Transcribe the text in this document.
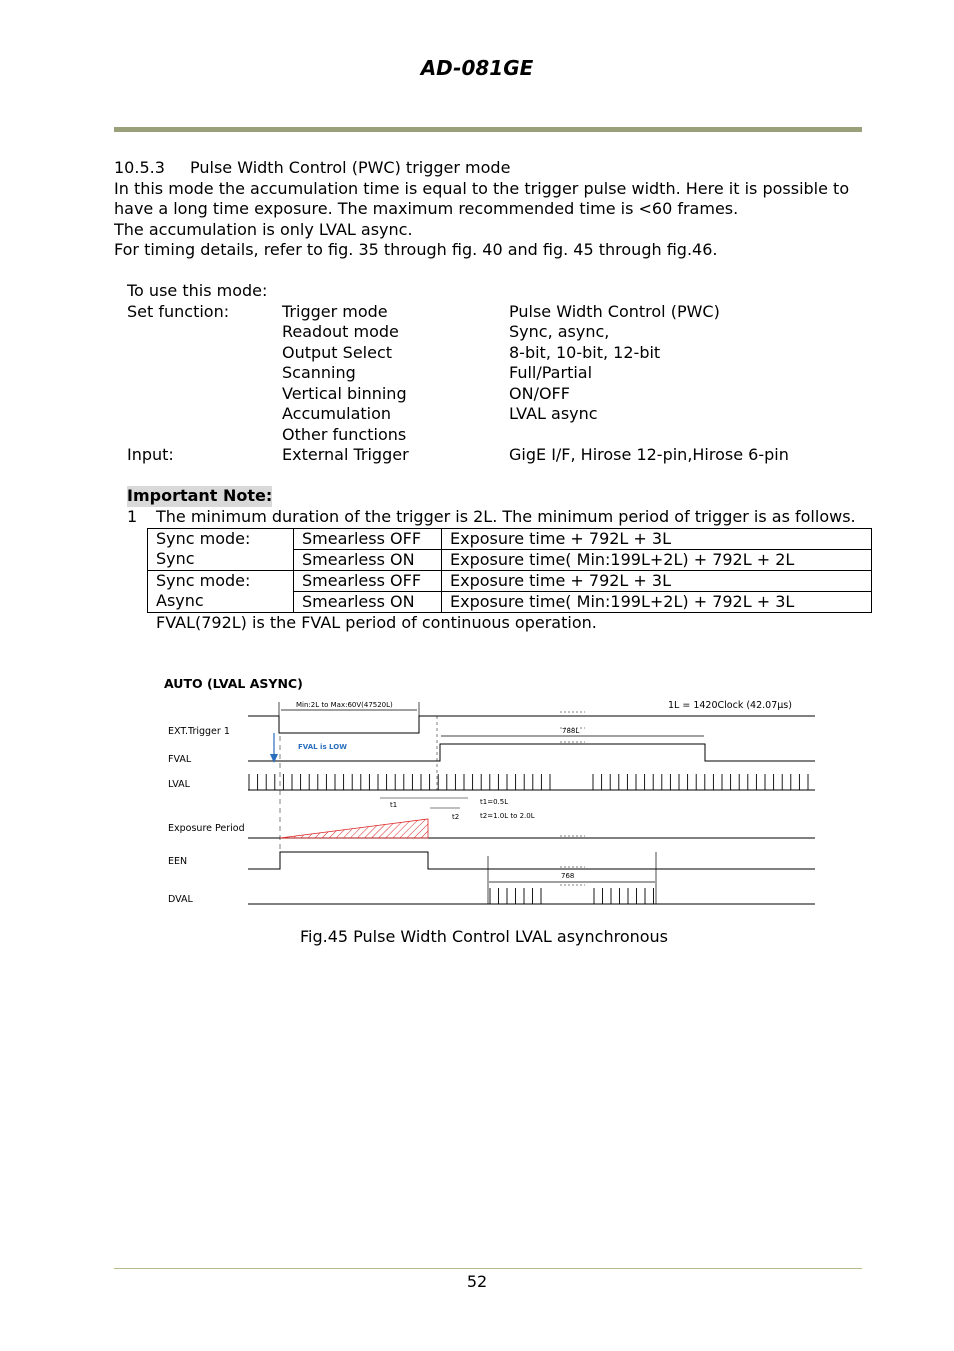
AD-081GE
10.5.3 Pulse Width Control (PWC) trigger mode
In this mode the accumulation time is equal to the trigger pulse width. Here it is possible to
have a long time exposure. The maximum recommended time is <60 frames.
The accumulation is only LVAL async.
For timing details, refer to fig. 35 through fig. 40 and fig. 45 through fig.46.
To use this mode:
Set function:	Trigger mode	Pulse Width Control (PWC)
Readout mode	Sync, async,
Output Select	8-bit, 10-bit, 12-bit
Scanning	Full/Partial
Vertical binning	ON/OFF
Accumulation	LVAL async
Other functions
Input:	External Trigger	GigE I/F, Hirose 12-pin,Hirose 6-pin
Important Note:
1 The minimum duration of the trigger is 2L. The minimum period of trigger is as follows.
Sync mode:
Sync	Smearless OFF	Exposure time + 792L + 3L
	Smearless ON	Exposure time( Min:199L+2L) + 792L + 2L

Sync mode:
Async	Smearless OFF	Exposure time + 792L + 3L
	Smearless ON	Exposure time( Min:199L+2L) + 792L + 3L
FVAL(792L) is the FVAL period of continuous operation.
AUTO (LVAL ASYNC)
1L = 1420Clock (42.07μs)
EXT.Trigger 1
FVAL
LVAL
Exposure Period
EEN
DVAL
Min:2L to Max:60V(47520L)
788L
FVAL is LOW
t1
t2
t1=0.5L
t2=1.0L to 2.0L
768
Fig.45 Pulse Width Control LVAL asynchronous
52
